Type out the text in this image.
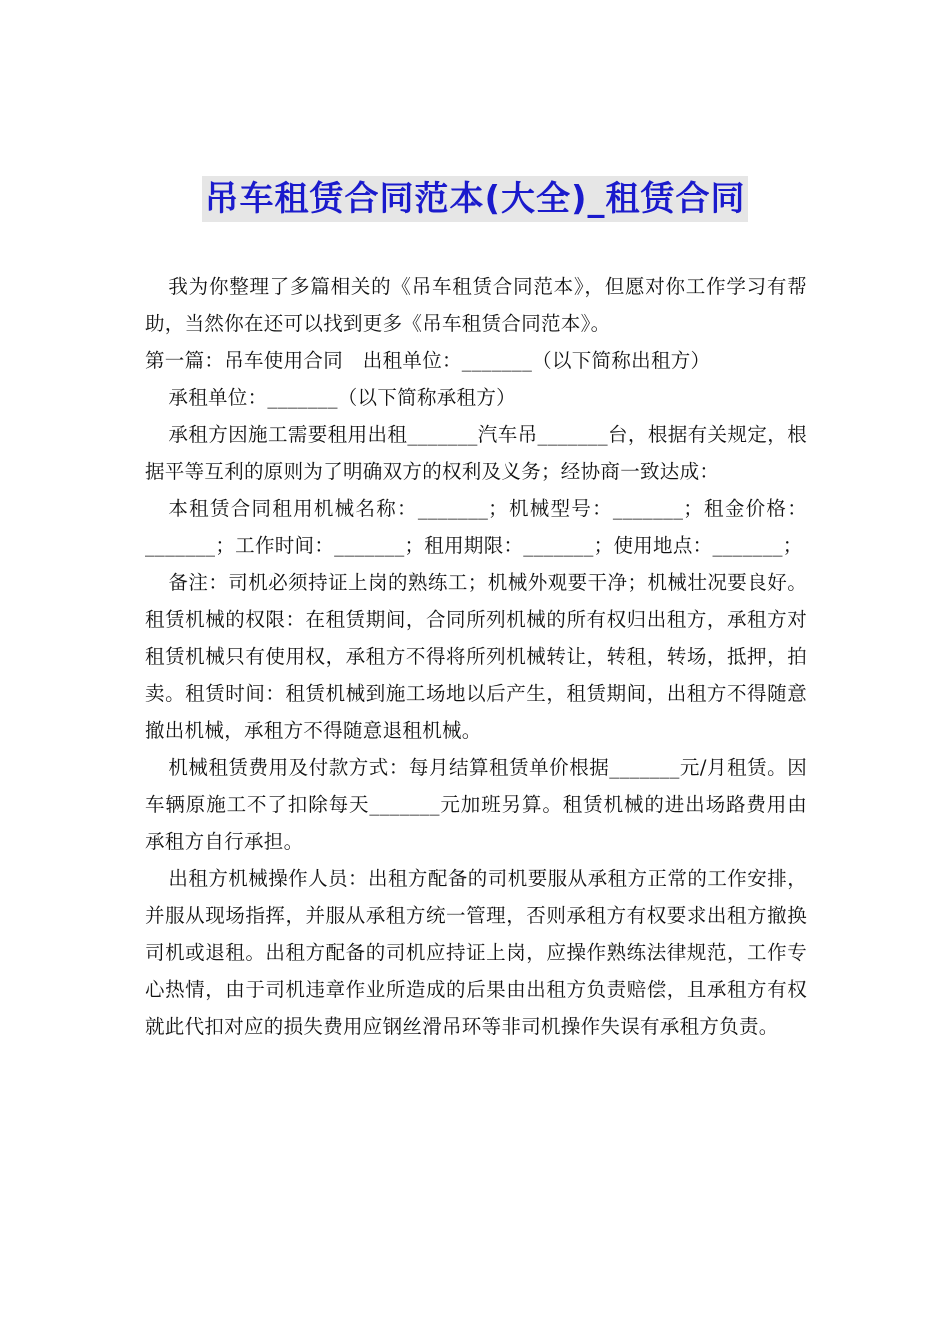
吊车租赁合同范本(大全)_租赁合同

我为你整理了多篇相关的《吊车租赁合同范本》，但愿对你工作学习有帮助，当然你在还可以找到更多《吊车租赁合同范本》。

第一篇：吊车使用合同　出租单位：_______（以下简称出租方）

承租单位：_______（以下简称承租方）

承租方因施工需要租用出租_______汽车吊_______台，根据有关规定，根据平等互利的原则为了明确双方的权利及义务；经协商一致达成：

本租赁合同租用机械名称：_______；机械型号：_______；租金价格：_______；工作时间：_______；租用期限：_______；使用地点：_______；

备注：司机必须持证上岗的熟练工；机械外观要干净；机械壮况要良好。租赁机械的权限：在租赁期间，合同所列机械的所有权归出租方，承租方对租赁机械只有使用权，承租方不得将所列机械转让，转租，转场，抵押，拍卖。租赁时间：租赁机械到施工场地以后产生，租赁期间，出租方不得随意撤出机械，承租方不得随意退租机械。

机械租赁费用及付款方式：每月结算租赁单价根据_______元/月租赁。因车辆原施工不了扣除每天_______元加班另算。租赁机械的进出场路费用由承租方自行承担。

出租方机械操作人员：出租方配备的司机要服从承租方正常的工作安排，并服从现场指挥，并服从承租方统一管理，否则承租方有权要求出租方撤换司机或退租。出租方配备的司机应持证上岗，应操作熟练法律规范，工作专心热情，由于司机违章作业所造成的后果由出租方负责赔偿，且承租方有权就此代扣对应的损失费用应钢丝滑吊环等非司机操作失误有承租方负责。
